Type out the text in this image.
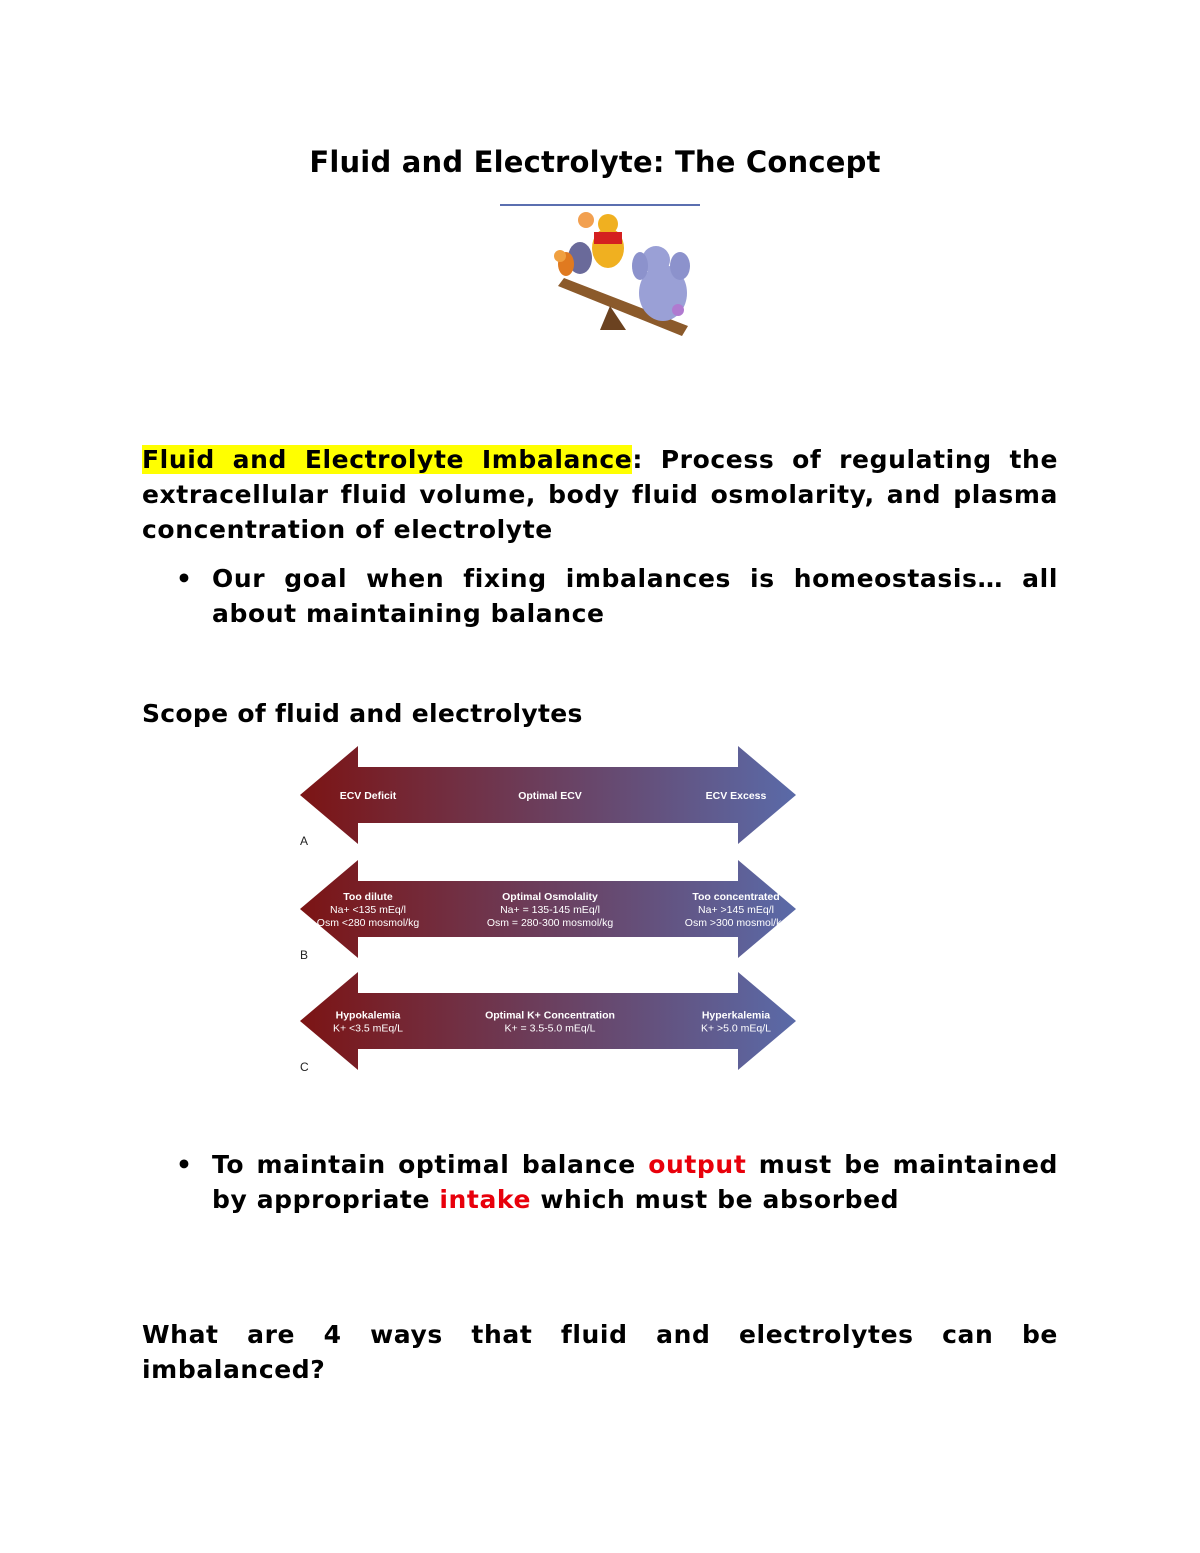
Fluid and Electrolyte: The Concept

Fluid and Electrolyte Imbalance: Process of regulating the extracellular fluid volume, body fluid osmolarity, and plasma concentration of electrolyte

• Our goal when fixing imbalances is homeostasis… all about maintaining balance

Scope of fluid and electrolytes

ECV Deficit	Optimal ECV	ECV Excess
A
Too dilute
Na+ <135 mEq/l
Osm <280 mosmol/kg
Optimal Osmolality
Na+ = 135-145 mEq/l
Osm = 280-300 mosmol/kg
Too concentrated
Na+ >145 mEq/l
Osm >300 mosmol/kg
B
Hypokalemia
K+ <3.5 mEq/L
Optimal K+ Concentration
K+ = 3.5-5.0 mEq/L
Hyperkalemia
K+ >5.0 mEq/L
C

• To maintain optimal balance output must be maintained by appropriate intake which must be absorbed

What are 4 ways that fluid and electrolytes can be imbalanced?
